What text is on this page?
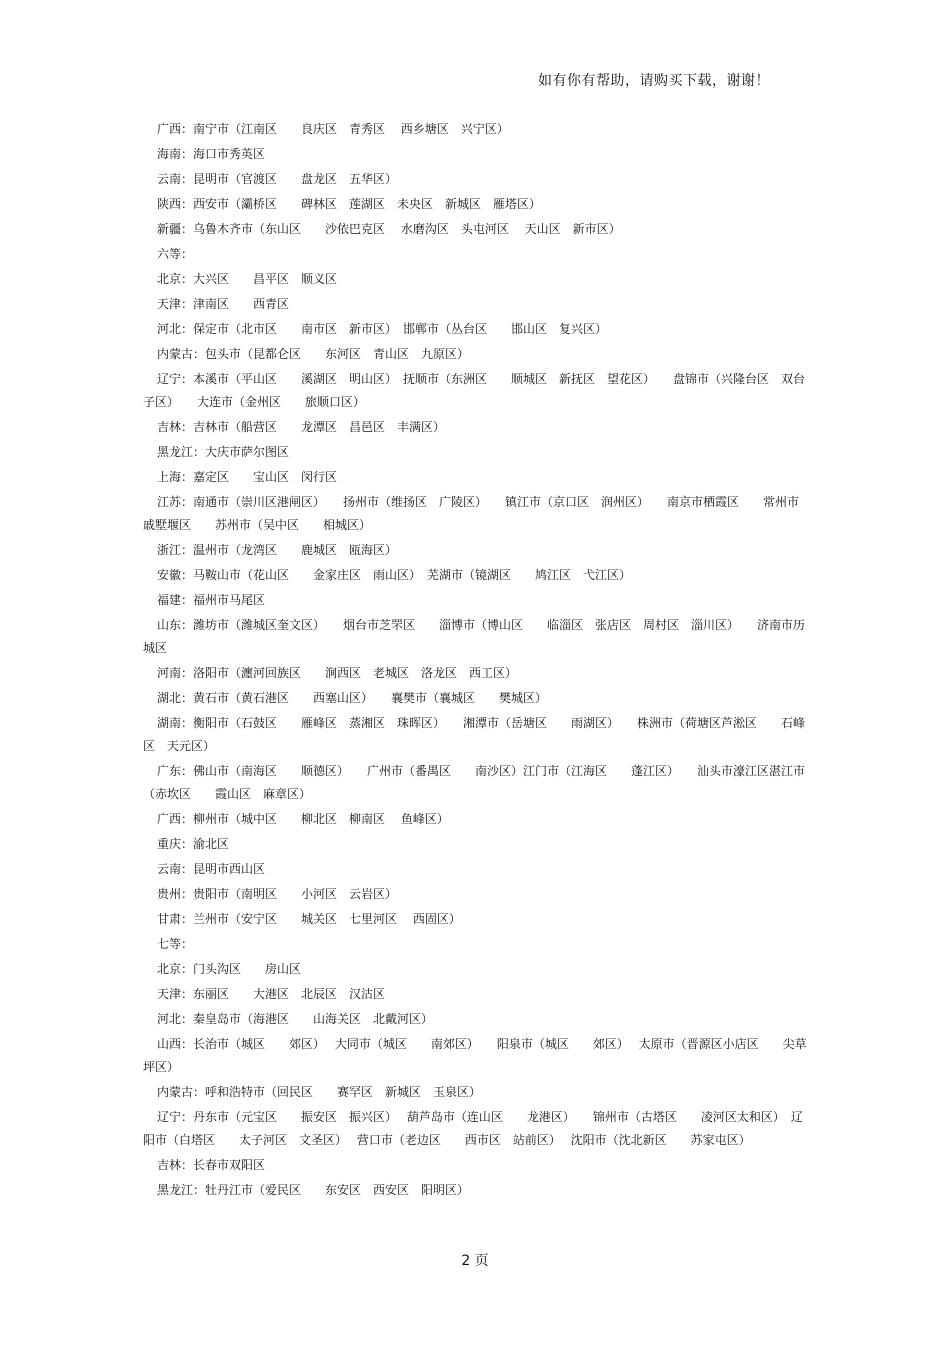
如有你有帮助，请购买下载，谢谢！
广西：南宁市（江南区　　良庆区　青秀区　 西乡塘区　兴宁区）
海南：海口市秀英区
云南：昆明市（官渡区　　盘龙区　五华区）
陕西：西安市（灞桥区　　碑林区　莲湖区　未央区　新城区　雁塔区）
新疆：乌鲁木齐市（东山区　　沙依巴克区　 水磨沟区　头屯河区　 天山区　新市区）
六等：
北京：大兴区　　昌平区　顺义区
天津：津南区　　西青区
河北：保定市（北市区　　南市区　新市区）　邯郸市（丛台区　　邯山区　复兴区）
内蒙古：包头市（昆都仑区　　东河区　青山区　九原区）
辽宁：本溪市（平山区　　溪湖区　明山区）　抚顺市（东洲区　　顺城区　新抚区　望花区）　　盘锦市（兴隆台区　双台子区）　　大连市（金州区　　旅顺口区）
吉林：吉林市（船营区　　龙潭区　昌邑区　丰满区）
黑龙江：大庆市萨尔图区
上海：嘉定区　　宝山区　闵行区
江苏：南通市（崇川区港闸区）　　扬州市（维扬区　广陵区）　　镇江市（京口区　润州区）　　南京市栖霞区　　常州市戚墅堰区　　苏州市（吴中区　　相城区）
浙江：温州市（龙湾区　　鹿城区　瓯海区）
安徽：马鞍山市（花山区　　金家庄区　雨山区）　芜湖市（镜湖区　　鸠江区　弋江区）
福建：福州市马尾区
山东：潍坊市（潍城区奎文区）　　烟台市芝罘区　　淄博市（博山区　　临淄区　张店区　周村区　淄川区）　　济南市历城区
河南：洛阳市（瀍河回族区　　涧西区　老城区　洛龙区　西工区）
湖北：黄石市（黄石港区　　西塞山区）　　襄樊市（襄城区　　樊城区）
湖南：衡阳市（石鼓区　　雁峰区　蒸湘区　珠晖区）　　湘潭市（岳塘区　　雨湖区）　　株洲市（荷塘区芦淞区　　石峰区　天元区）
广东：佛山市（南海区　　顺德区）　　广州市（番禺区　　南沙区）江门市（江海区　　蓬江区）　　汕头市濠江区湛江市（赤坎区　　霞山区　麻章区）
广西：柳州市（城中区　　柳北区　柳南区　 鱼峰区）
重庆：渝北区
云南：昆明市西山区
贵州：贵阳市（南明区　　小河区　云岩区）
甘肃：兰州市（安宁区　　城关区　七里河区　 西固区）
七等：
北京：门头沟区　　房山区
天津：东丽区　　大港区　北辰区　汉沽区
河北：秦皇岛市（海港区　　山海关区　北戴河区）
山西：长治市（城区　　郊区）　 大同市（城区　　南郊区）　　阳泉市（城区　　郊区）　 太原市（晋源区小店区　　尖草坪区）
内蒙古：呼和浩特市（回民区　　赛罕区　新城区　玉泉区）
辽宁：丹东市（元宝区　　振安区　振兴区）　 葫芦岛市（连山区　　龙港区）　　锦州市（古塔区　　凌河区太和区）　辽阳市（白塔区　　太子河区　文圣区）　 营口市（老边区　　西市区　站前区）　 沈阳市（沈北新区　　苏家屯区）
吉林：长春市双阳区
黑龙江：牡丹江市（爱民区　　东安区　西安区　阳明区）
2 页
